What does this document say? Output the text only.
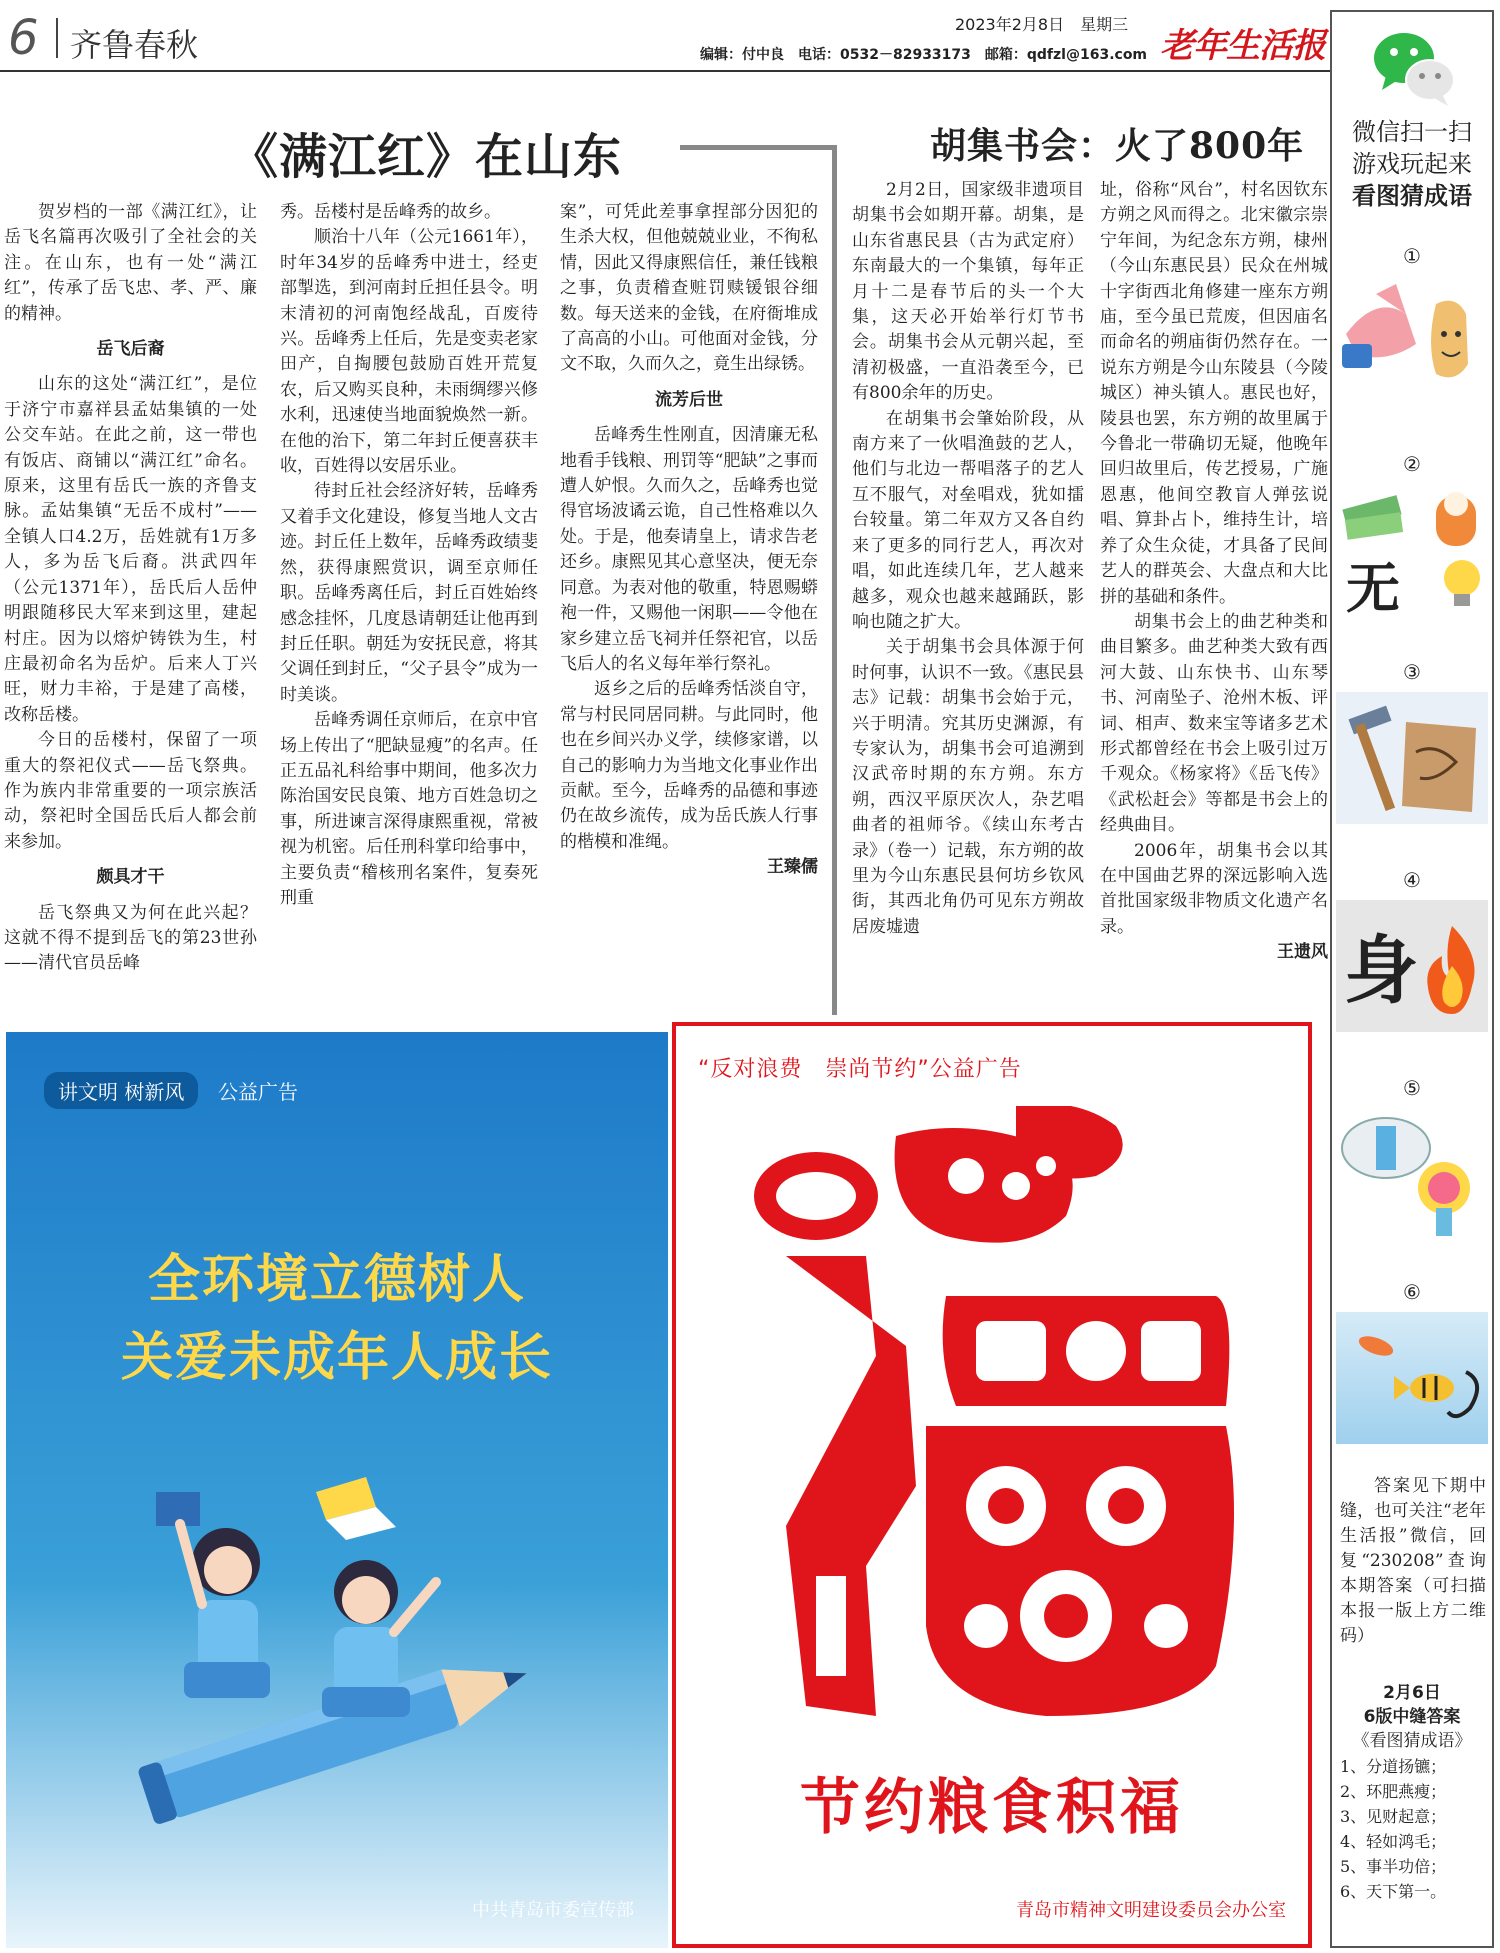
6 齐鲁春秋
2023年2月8日　星期三
编辑：付中良　电话：0532－82933173　邮箱：qdfzl@163.com 老年生活报
《满江红》在山东

贺岁档的一部《满江红》，让岳飞名篇再次吸引了全社会的关注。在山东，也有一处“满江红”，传承了岳飞忠、孝、严、廉的精神。

岳飞后裔

山东的这处“满江红”，是位于济宁市嘉祥县孟姑集镇的一处公交车站。在此之前，这一带也有饭店、商铺以“满江红”命名。原来，这里有岳氏一族的齐鲁支脉。孟姑集镇“无岳不成村”——全镇人口4.2万，岳姓就有1万多人，多为岳飞后裔。洪武四年（公元1371年），岳氏后人岳仲明跟随移民大军来到这里，建起村庄。因为以熔炉铸铁为生，村庄最初命名为岳炉。后来人丁兴旺，财力丰裕，于是建了高楼，改称岳楼。

今日的岳楼村，保留了一项重大的祭祀仪式——岳飞祭典。作为族内非常重要的一项宗族活动，祭祀时全国岳氏后人都会前来参加。

颇具才干

岳飞祭典又为何在此兴起？这就不得不提到岳飞的第23世孙——清代官员岳峰

秀。岳楼村是岳峰秀的故乡。

顺治十八年（公元1661年），时年34岁的岳峰秀中进士，经吏部掣选，到河南封丘担任县令。明末清初的河南饱经战乱，百废待兴。岳峰秀上任后，先是变卖老家田产，自掏腰包鼓励百姓开荒复农，后又购买良种，未雨绸缪兴修水利，迅速使当地面貌焕然一新。在他的治下，第二年封丘便喜获丰收，百姓得以安居乐业。

待封丘社会经济好转，岳峰秀又着手文化建设，修复当地人文古迹。封丘任上数年，岳峰秀政绩斐然，获得康熙赏识，调至京师任职。岳峰秀离任后，封丘百姓始终感念挂怀，几度恳请朝廷让他再到封丘任职。朝廷为安抚民意，将其父调任到封丘，“父子县令”成为一时美谈。

岳峰秀调任京师后，在京中官场上传出了“肥缺显瘦”的名声。任正五品礼科给事中期间，他多次力陈治国安民良策、地方百姓急切之事，所进谏言深得康熙重视，常被视为机密。后任刑科掌印给事中，主要负责“稽核刑名案件，复奏死刑重

案”，可凭此差事拿捏部分因犯的生杀大权，但他兢兢业业，不徇私情，因此又得康熙信任，兼任钱粮之事，负责稽查赃罚赎锾银谷细数。每天送来的金钱，在府衙堆成了高高的小山。可他面对金钱，分文不取，久而久之，竟生出绿锈。

流芳后世

岳峰秀生性刚直，因清廉无私地看手钱粮、刑罚等“肥缺”之事而遭人妒恨。久而久之，岳峰秀也觉得官场波谲云诡，自己性格难以久处。于是，他奏请皇上，请求告老还乡。康熙见其心意坚决，便无奈同意。为表对他的敬重，特恩赐蟒袍一件，又赐他一闲职——令他在家乡建立岳飞祠并任祭祀官，以岳飞后人的名义每年举行祭礼。

返乡之后的岳峰秀恬淡自守，常与村民同居同耕。与此同时，他也在乡间兴办义学，续修家谱，以自己的影响力为当地文化事业作出贡献。至今，岳峰秀的品德和事迹仍在故乡流传，成为岳氏族人行事的楷模和准绳。

王臻儒
胡集书会：火了800年

2月2日，国家级非遗项目胡集书会如期开幕。胡集，是山东省惠民县（古为武定府）东南最大的一个集镇，每年正月十二是春节后的头一个大集，这天必开始举行灯节书会。胡集书会从元朝兴起，至清初极盛，一直沿袭至今，已有800余年的历史。

在胡集书会肇始阶段，从南方来了一伙唱渔鼓的艺人，他们与北边一帮唱落子的艺人互不服气，对垒唱戏，犹如擂台较量。第二年双方又各自约来了更多的同行艺人，再次对唱，如此连续几年，艺人越来越多，观众也越来越踊跃，影响也随之扩大。

关于胡集书会具体源于何时何事，认识不一致。《惠民县志》记载：胡集书会始于元，兴于明清。究其历史渊源，有专家认为，胡集书会可追溯到汉武帝时期的东方朔。东方朔，西汉平原厌次人，杂艺唱曲者的祖师爷。《续山东考古录》（卷一）记载，东方朔的故里为今山东惠民县何坊乡钦风街，其西北角仍可见东方朔故居废墟遗

址，俗称“风台”，村名因钦东方朔之风而得之。北宋徽宗崇宁年间，为纪念东方朔，棣州（今山东惠民县）民众在州城十字街西北角修建一座东方朔庙，至今虽已荒废，但因庙名而命名的朔庙街仍然存在。一说东方朔是今山东陵县（今陵城区）神头镇人。惠民也好，陵县也罢，东方朔的故里属于今鲁北一带确切无疑，他晚年回归故里后，传艺授易，广施恩惠，他间空教盲人弹弦说唱、算卦占卜，维持生计，培养了众生众徒，才具备了民间艺人的群英会、大盘点和大比拼的基础和条件。

胡集书会上的曲艺种类和曲目繁多。曲艺种类大致有西河大鼓、山东快书、山东琴书、河南坠子、沧州木板、评词、相声、数来宝等诸多艺术形式都曾经在书会上吸引过万千观众。《杨家将》《岳飞传》《武松赶会》等都是书会上的经典曲目。

2006年，胡集书会以其在中国曲艺界的深远影响入选首批国家级非物质文化遗产名录。

王遗风
讲文明 树新风	公益广告
全环境立德树人
关爱未成年人成长
中共青岛市委宣传部
“反对浪费　崇尚节约”公益广告
节约粮食积福
青岛市精神文明建设委员会办公室
微信扫一扫
游戏玩起来
看图猜成语
①
②
无
③
④
身
⑤
⑥
答案见下期中缝，也可关注“老年生活报”微信，回复“230208”查询本期答案（可扫描本报一版上方二维码）
2月6日
6版中缝答案
《看图猜成语》
1、分道扬镳；
2、环肥燕瘦；
3、见财起意；
4、轻如鸿毛；
5、事半功倍；
6、天下第一。
